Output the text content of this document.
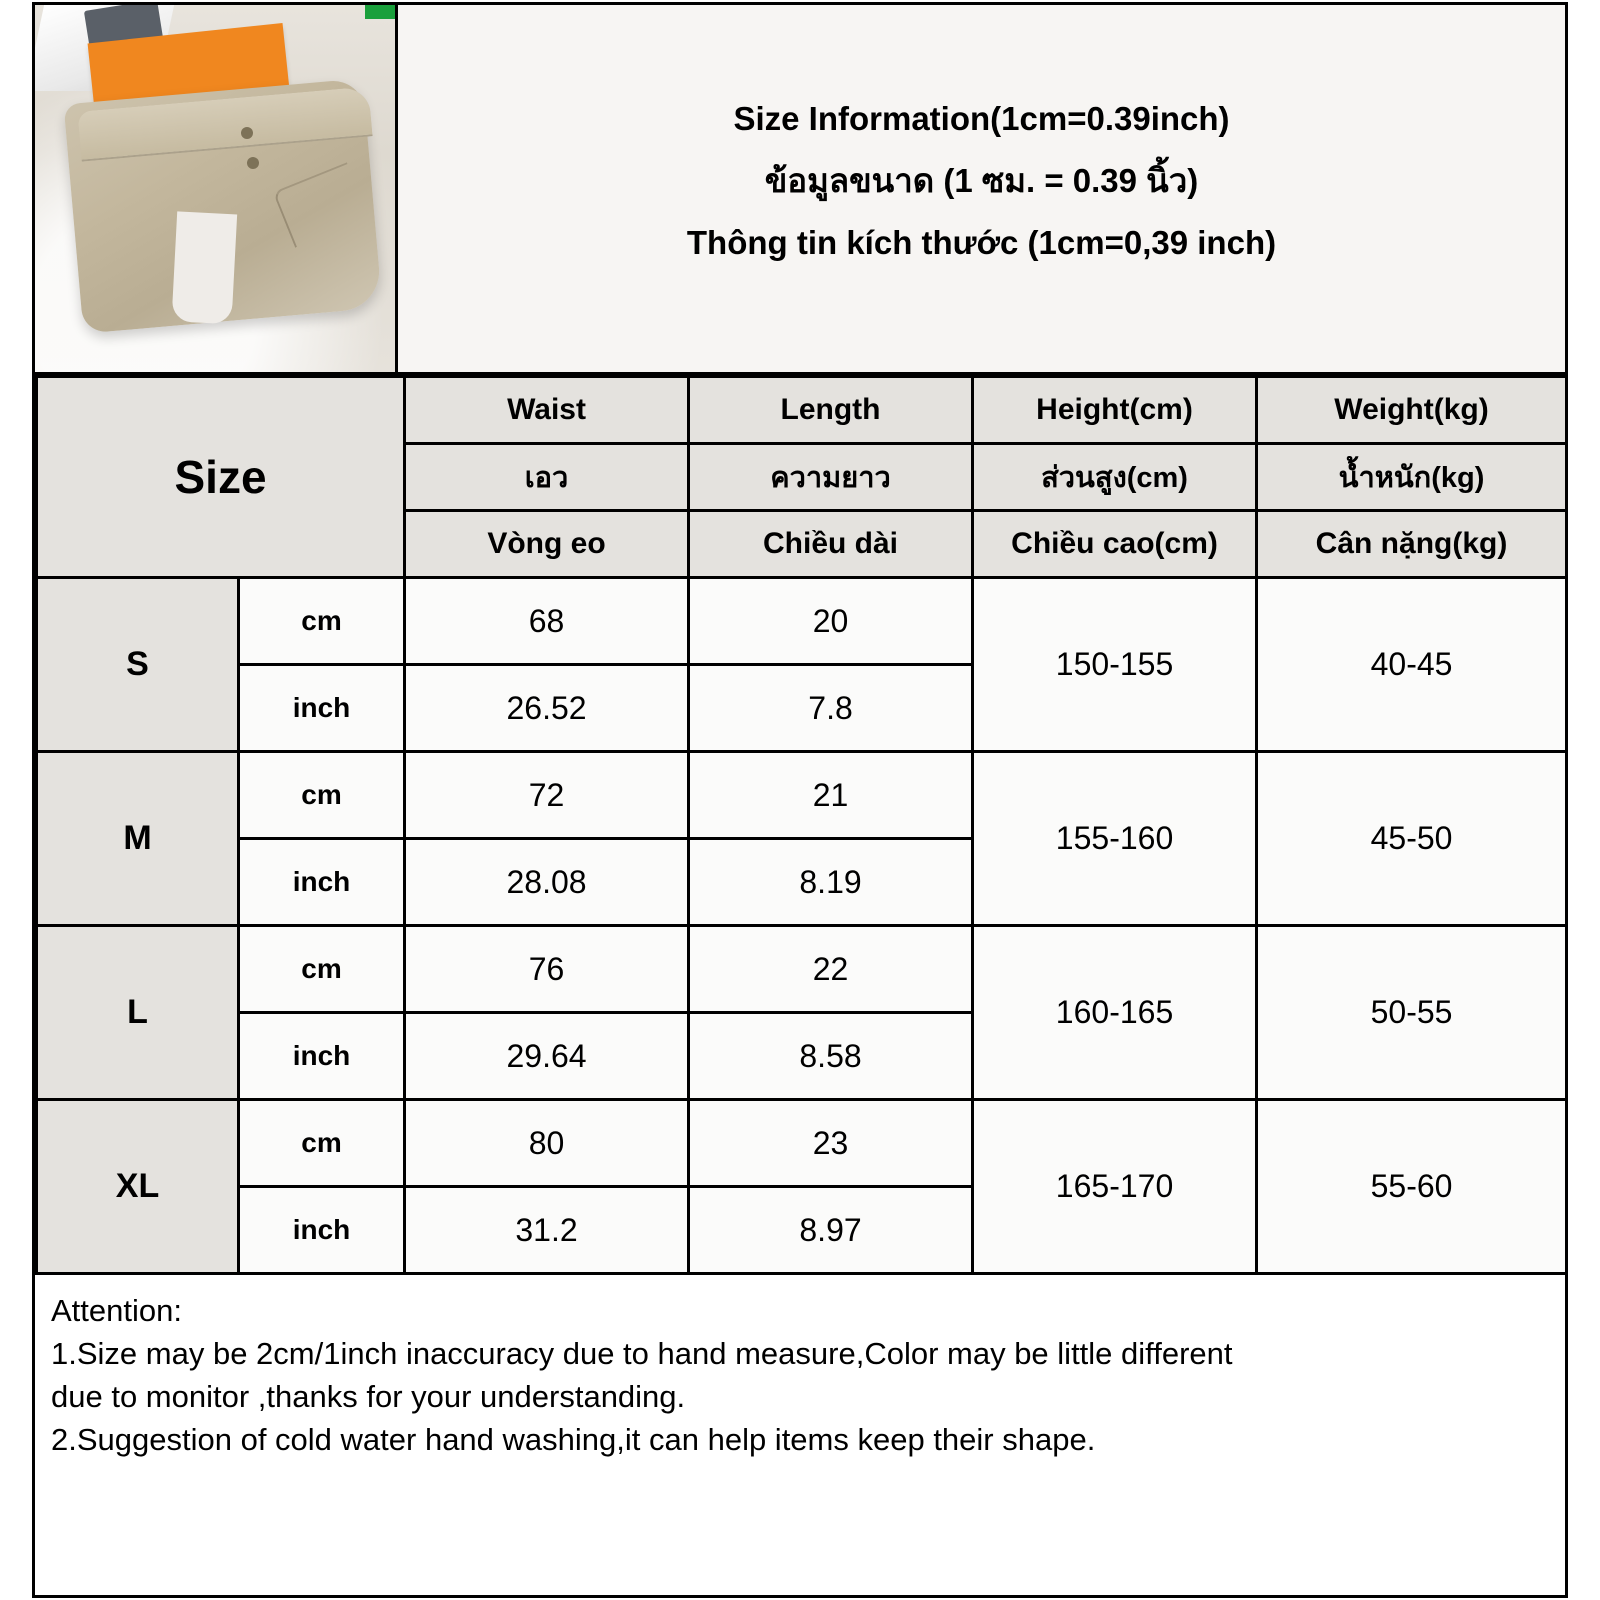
Size Information(1cm=0.39inch)
ข้อมูลขนาด (1 ซม. = 0.39 นิ้ว)
Thông tin kích thước (1cm=0,39 inch)
Size		Waist	Length	Height(cm)	Weight(kg)
		เอว	ความยาว	ส่วนสูง(cm)	น้ำหนัก(kg)
		Vòng eo	Chiều dài	Chiều cao(cm)	Cân nặng(kg)
S	cm	68	20	150-155	40-45
	inch	26.52	7.8		
M	cm	72	21	155-160	45-50
	inch	28.08	8.19		
L	cm	76	22	160-165	50-55
	inch	29.64	8.58		
XL	cm	80	23	165-170	55-60
	inch	31.2	8.97		
Attention:
1.Size may be 2cm/1inch inaccuracy due to hand measure,Color may be little different
due to monitor ,thanks for your understanding.
2.Suggestion of cold water hand washing,it can help items keep their shape.
